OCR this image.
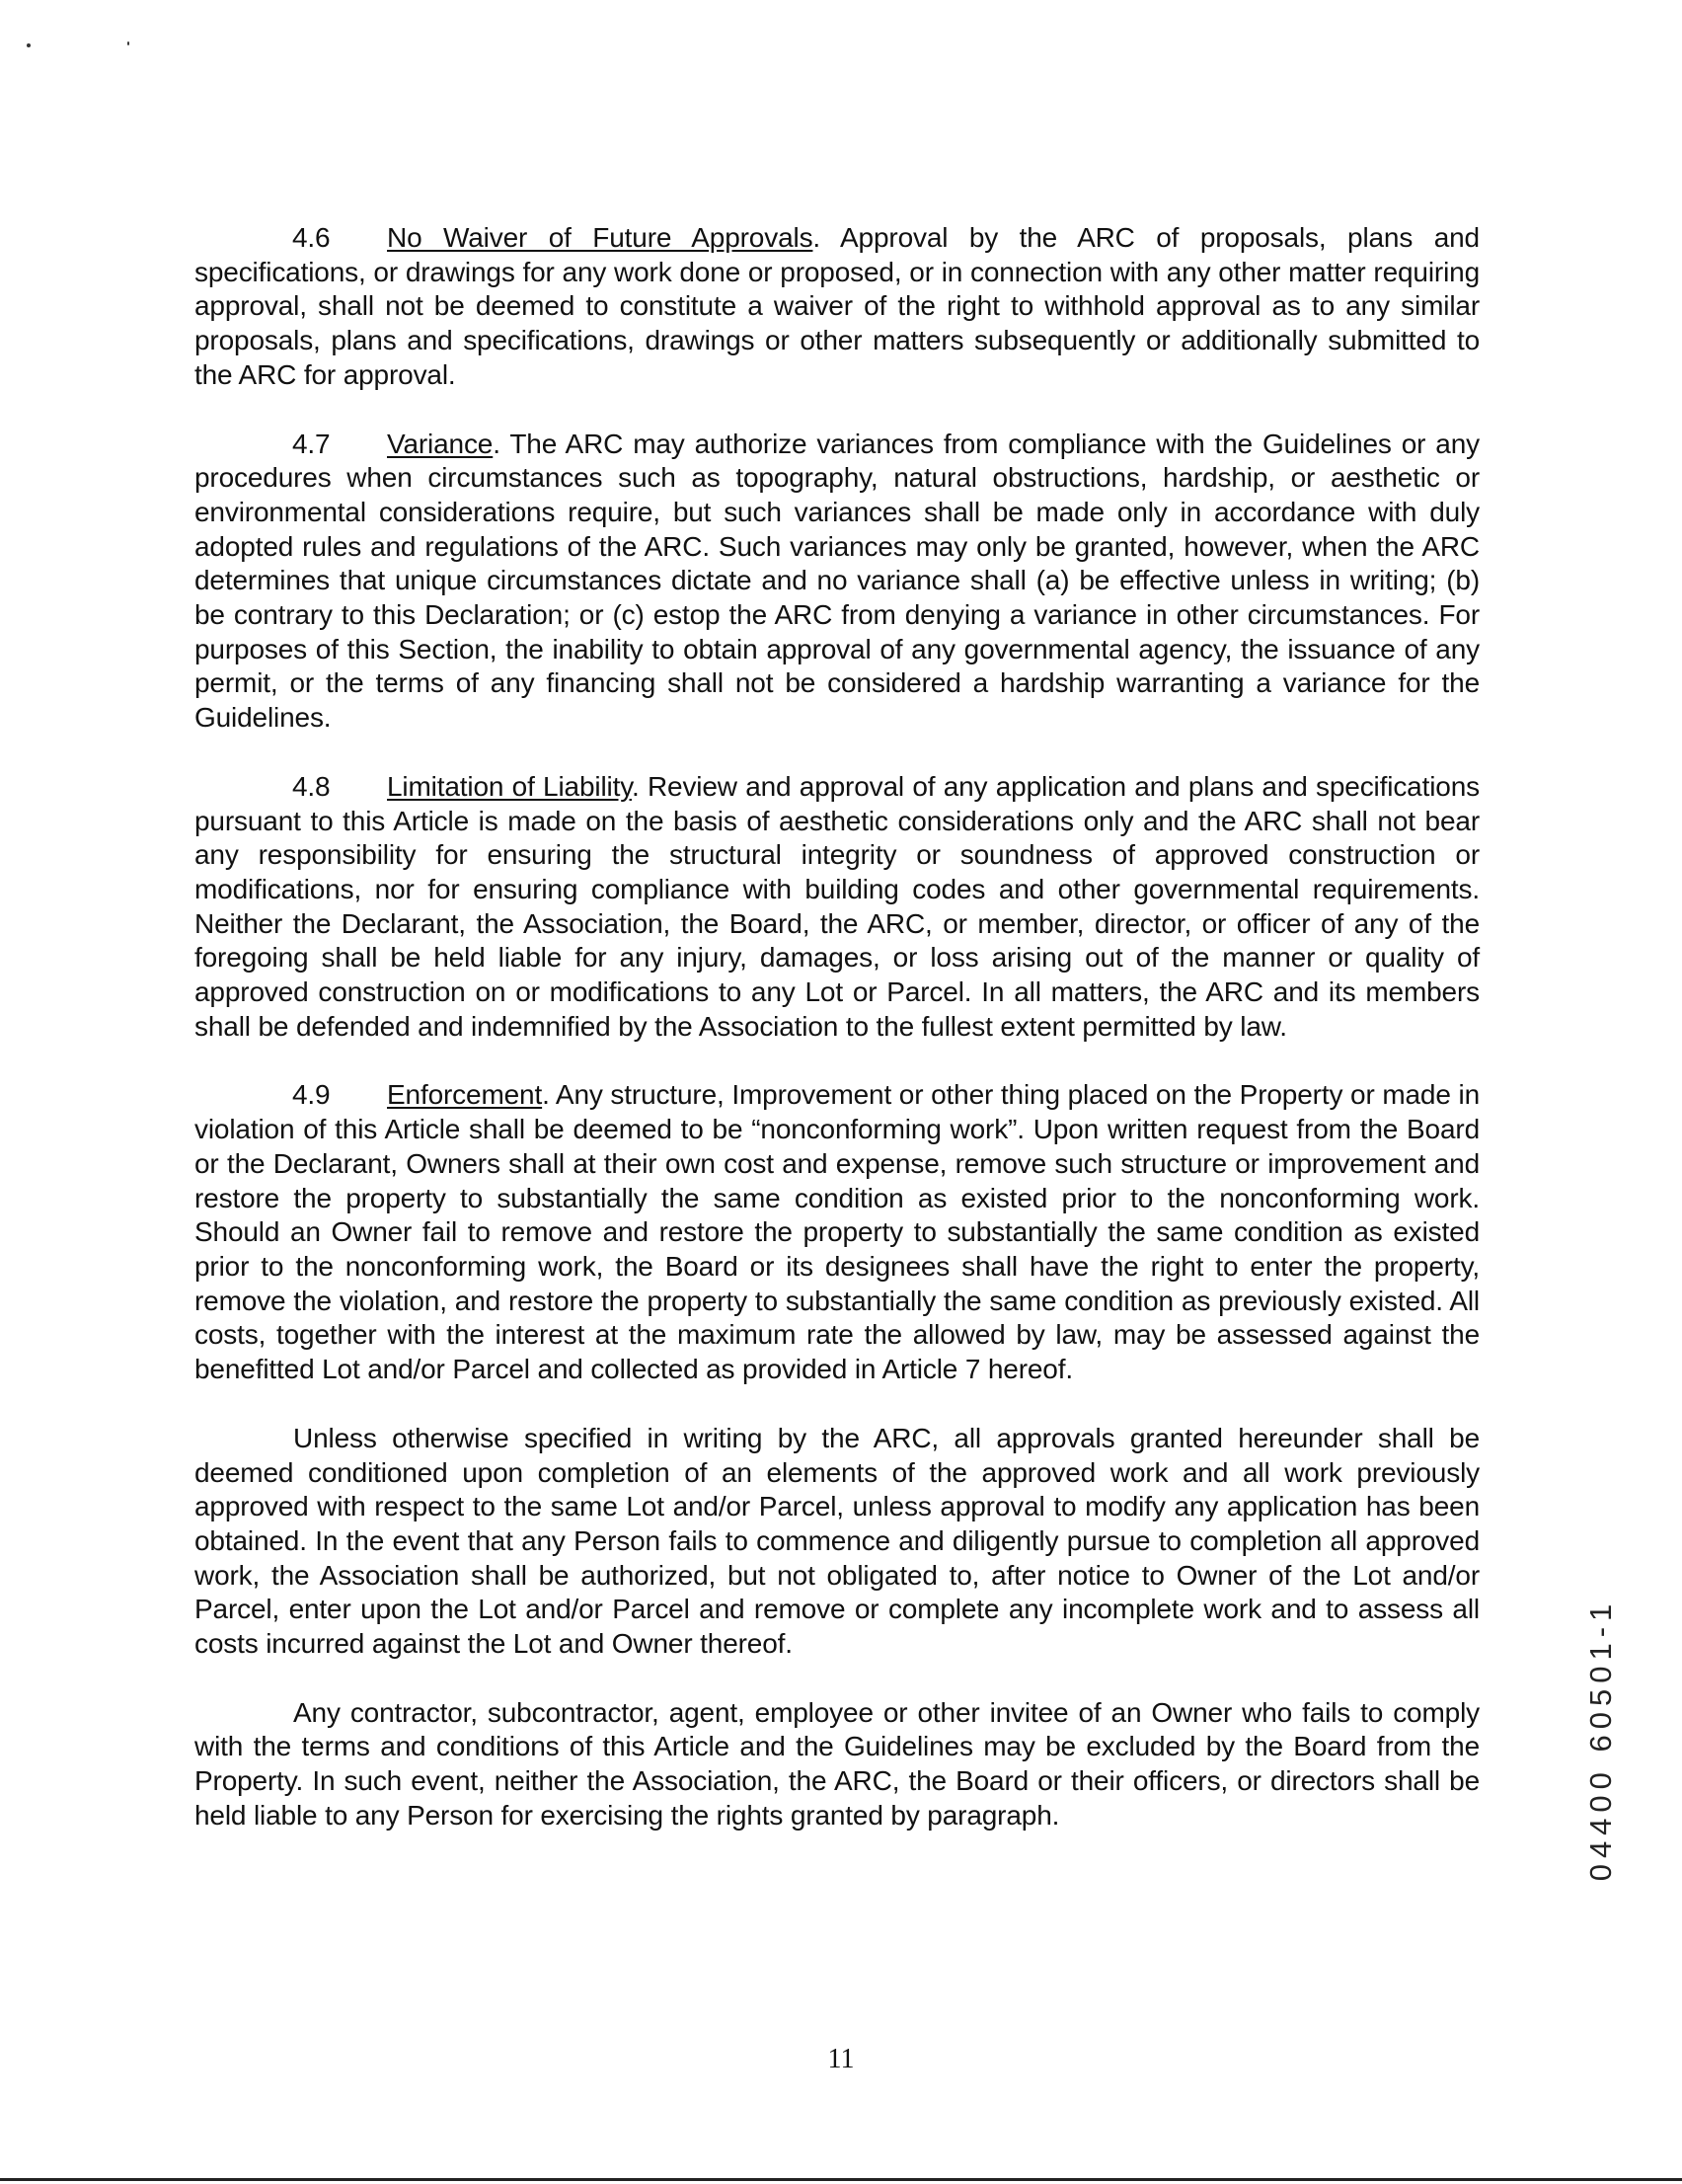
4.6 No Waiver of Future Approvals. Approval by the ARC of proposals, plans and specifications, or drawings for any work done or proposed, or in connection with any other matter requiring approval, shall not be deemed to constitute a waiver of the right to withhold approval as to any similar proposals, plans and specifications, drawings or other matters subsequently or additionally submitted to the ARC for approval.

4.7 Variance. The ARC may authorize variances from compliance with the Guidelines or any procedures when circumstances such as topography, natural obstructions, hardship, or aesthetic or environmental considerations require, but such variances shall be made only in accordance with duly adopted rules and regulations of the ARC. Such variances may only be granted, however, when the ARC determines that unique circumstances dictate and no variance shall (a) be effective unless in writing; (b) be contrary to this Declaration; or (c) estop the ARC from denying a variance in other circumstances. For purposes of this Section, the inability to obtain approval of any governmental agency, the issuance of any permit, or the terms of any financing shall not be considered a hardship warranting a variance for the Guidelines.

4.8 Limitation of Liability. Review and approval of any application and plans and specifications pursuant to this Article is made on the basis of aesthetic considerations only and the ARC shall not bear any responsibility for ensuring the structural integrity or soundness of approved construction or modifications, nor for ensuring compliance with building codes and other governmental requirements. Neither the Declarant, the Association, the Board, the ARC, or member, director, or officer of any of the foregoing shall be held liable for any injury, damages, or loss arising out of the manner or quality of approved construction on or modifications to any Lot or Parcel. In all matters, the ARC and its members shall be defended and indemnified by the Association to the fullest extent permitted by law.

4.9 Enforcement. Any structure, Improvement or other thing placed on the Property or made in violation of this Article shall be deemed to be “nonconforming work”. Upon written request from the Board or the Declarant, Owners shall at their own cost and expense, remove such structure or improvement and restore the property to substantially the same condition as existed prior to the nonconforming work. Should an Owner fail to remove and restore the property to substantially the same condition as existed prior to the nonconforming work, the Board or its designees shall have the right to enter the property, remove the violation, and restore the property to substantially the same condition as previously existed. All costs, together with the interest at the maximum rate the allowed by law, may be assessed against the benefitted Lot and/or Parcel and collected as provided in Article 7 hereof.

Unless otherwise specified in writing by the ARC, all approvals granted hereunder shall be deemed conditioned upon completion of an elements of the approved work and all work previously approved with respect to the same Lot and/or Parcel, unless approval to modify any application has been obtained. In the event that any Person fails to commence and diligently pursue to completion all approved work, the Association shall be authorized, but not obligated to, after notice to Owner of the Lot and/or Parcel, enter upon the Lot and/or Parcel and remove or complete any incomplete work and to assess all costs incurred against the Lot and Owner thereof.

Any contractor, subcontractor, agent, employee or other invitee of an Owner who fails to comply with the terms and conditions of this Article and the Guidelines may be excluded by the Board from the Property. In such event, neither the Association, the ARC, the Board or their officers, or directors shall be held liable to any Person for exercising the rights granted by paragraph.	04400 60501-1
11
